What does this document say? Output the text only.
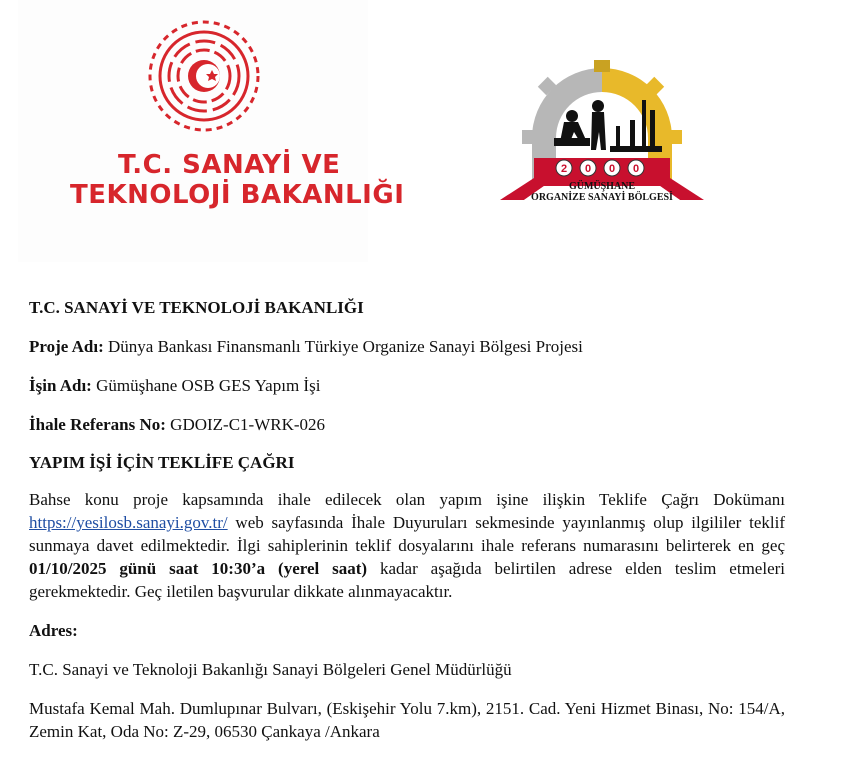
T.C. SANAYİ VE
TEKNOLOJİ BAKANLIĞI
2 0 0 0
GÜMÜŞHANE
ORGANİZE SANAYİ BÖLGESİ

T.C. SANAYİ VE TEKNOLOJİ BAKANLIĞI

Proje Adı: Dünya Bankası Finansmanlı Türkiye Organize Sanayi Bölgesi Projesi

İşin Adı: Gümüşhane OSB GES Yapım İşi

İhale Referans No: GDOIZ-C1-WRK-026

YAPIM İŞİ İÇİN TEKLİFE ÇAĞRI

Bahse konu proje kapsamında ihale edilecek olan yapım işine ilişkin Teklife Çağrı Dokümanı https://yesilosb.sanayi.gov.tr/ web sayfasında İhale Duyuruları sekmesinde yayınlanmış olup ilgililer teklif sunmaya davet edilmektedir. İlgi sahiplerinin teklif dosyalarını ihale referans numarasını belirterek en geç 01/10/2025 günü saat 10:30’a (yerel saat) kadar aşağıda belirtilen adrese elden teslim etmeleri gerekmektedir. Geç iletilen başvurular dikkate alınmayacaktır.

Adres:

T.C. Sanayi ve Teknoloji Bakanlığı Sanayi Bölgeleri Genel Müdürlüğü

Mustafa Kemal Mah. Dumlupınar Bulvarı, (Eskişehir Yolu 7.km), 2151. Cad. Yeni Hizmet Binası, No: 154/A, Zemin Kat, Oda No: Z-29, 06530 Çankaya /Ankara
